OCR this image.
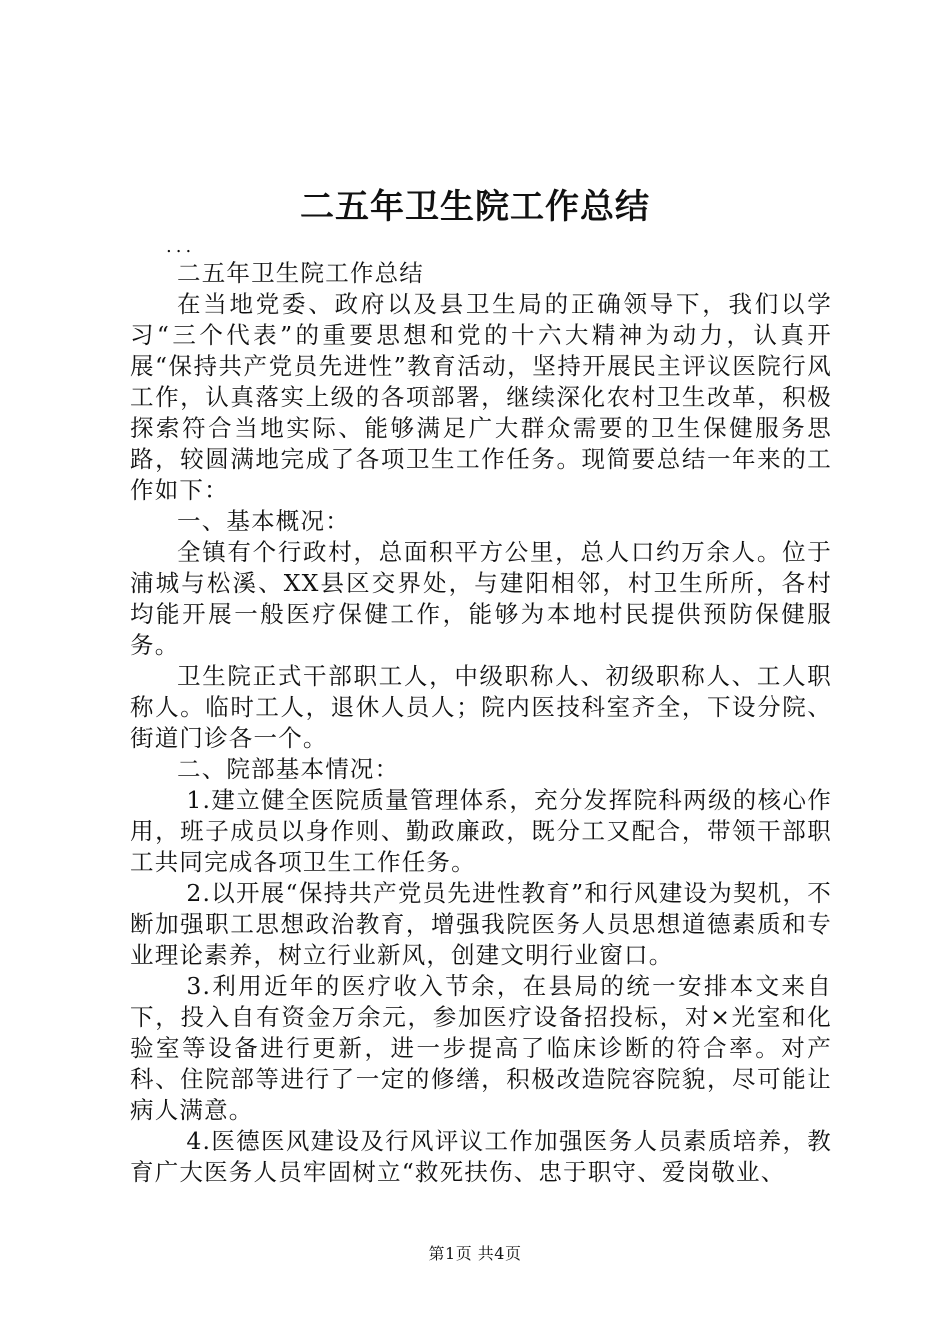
二五年卫生院工作总结

...

二五年卫生院工作总结

在当地党委、政府以及县卫生局的正确领导下，我们以学习“三个代表”的重要思想和党的十六大精神为动力，认真开展“保持共产党员先进性”教育活动，坚持开展民主评议医院行风工作，认真落实上级的各项部署，继续深化农村卫生改革，积极探索符合当地实际、能够满足广大群众需要的卫生保健服务思路，较圆满地完成了各项卫生工作任务。现简要总结一年来的工作如下：

一、基本概况：

全镇有个行政村，总面积平方公里，总人口约万余人。位于浦城与松溪、XX县区交界处，与建阳相邻，村卫生所所，各村均能开展一般医疗保健工作，能够为本地村民提供预防保健服务。

卫生院正式干部职工人，中级职称人、初级职称人、工人职称人。临时工人，退休人员人；院内医技科室齐全，下设分院、街道门诊各一个。

二、院部基本情况：

1.建立健全医院质量管理体系，充分发挥院科两级的核心作用，班子成员以身作则、勤政廉政，既分工又配合，带领干部职工共同完成各项卫生工作任务。

2.以开展“保持共产党员先进性教育”和行风建设为契机，不断加强职工思想政治教育，增强我院医务人员思想道德素质和专业理论素养，树立行业新风，创建文明行业窗口。

3.利用近年的医疗收入节余，在县局的统一安排本文来自下，投入自有资金万余元，参加医疗设备招投标，对×光室和化验室等设备进行更新，进一步提高了临床诊断的符合率。对产科、住院部等进行了一定的修缮，积极改造院容院貌，尽可能让病人满意。

4.医德医风建设及行风评议工作加强医务人员素质培养，教育广大医务人员牢固树立“救死扶伤、忠于职守、爱岗敬业、

第1页 共4页
